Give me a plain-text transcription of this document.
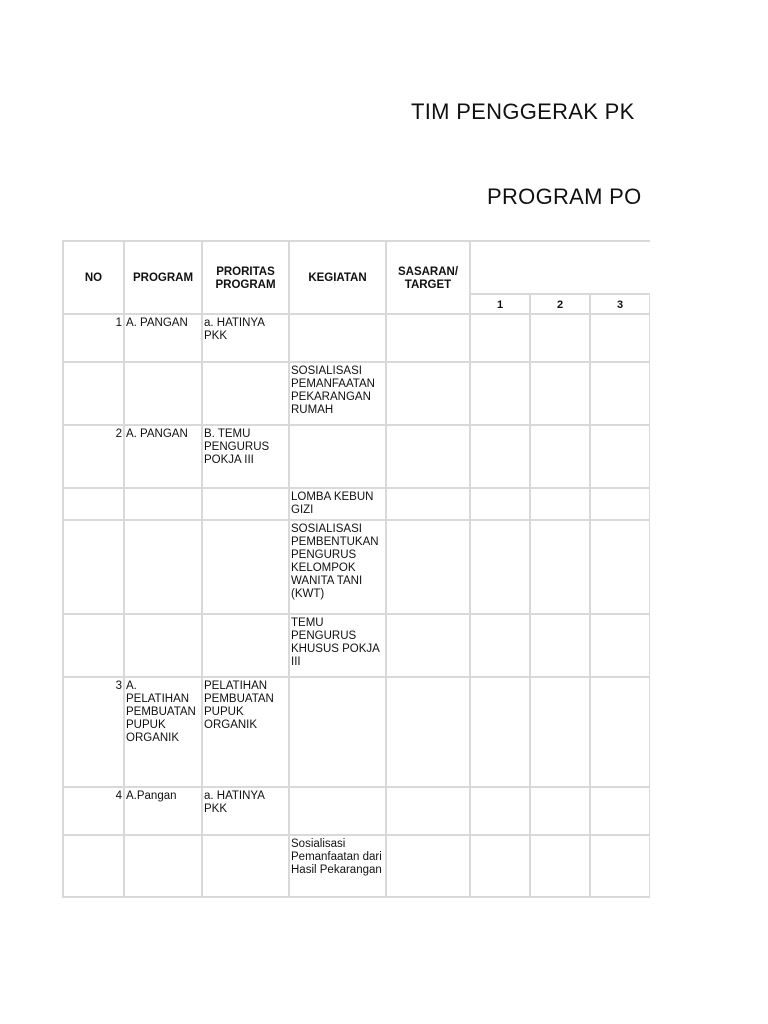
TIM PENGGERAK PK
PROGRAM PO
NO	PROGRAM	PRORITAS PROGRAM	KEGIATAN	SASARAN/ TARGET				
					1	2	3	
1	A. PANGAN	a. HATINYA PKK						
			SOSIALISASI PEMANFAATAN PEKARANGAN RUMAH					
2	A. PANGAN	B. TEMU PENGURUS POKJA III						
			LOMBA KEBUN GIZI					
			SOSIALISASI PEMBENTUKAN PENGURUS KELOMPOK WANITA TANI (KWT)					
			TEMU PENGURUS KHUSUS POKJA III					
3	A. PELATIHAN PEMBUATAN PUPUK ORGANIK	PELATIHAN PEMBUATAN PUPUK ORGANIK						
4	A.Pangan	a. HATINYA PKK						
			Sosialisasi Pemanfaatan dari Hasil Pekarangan					
